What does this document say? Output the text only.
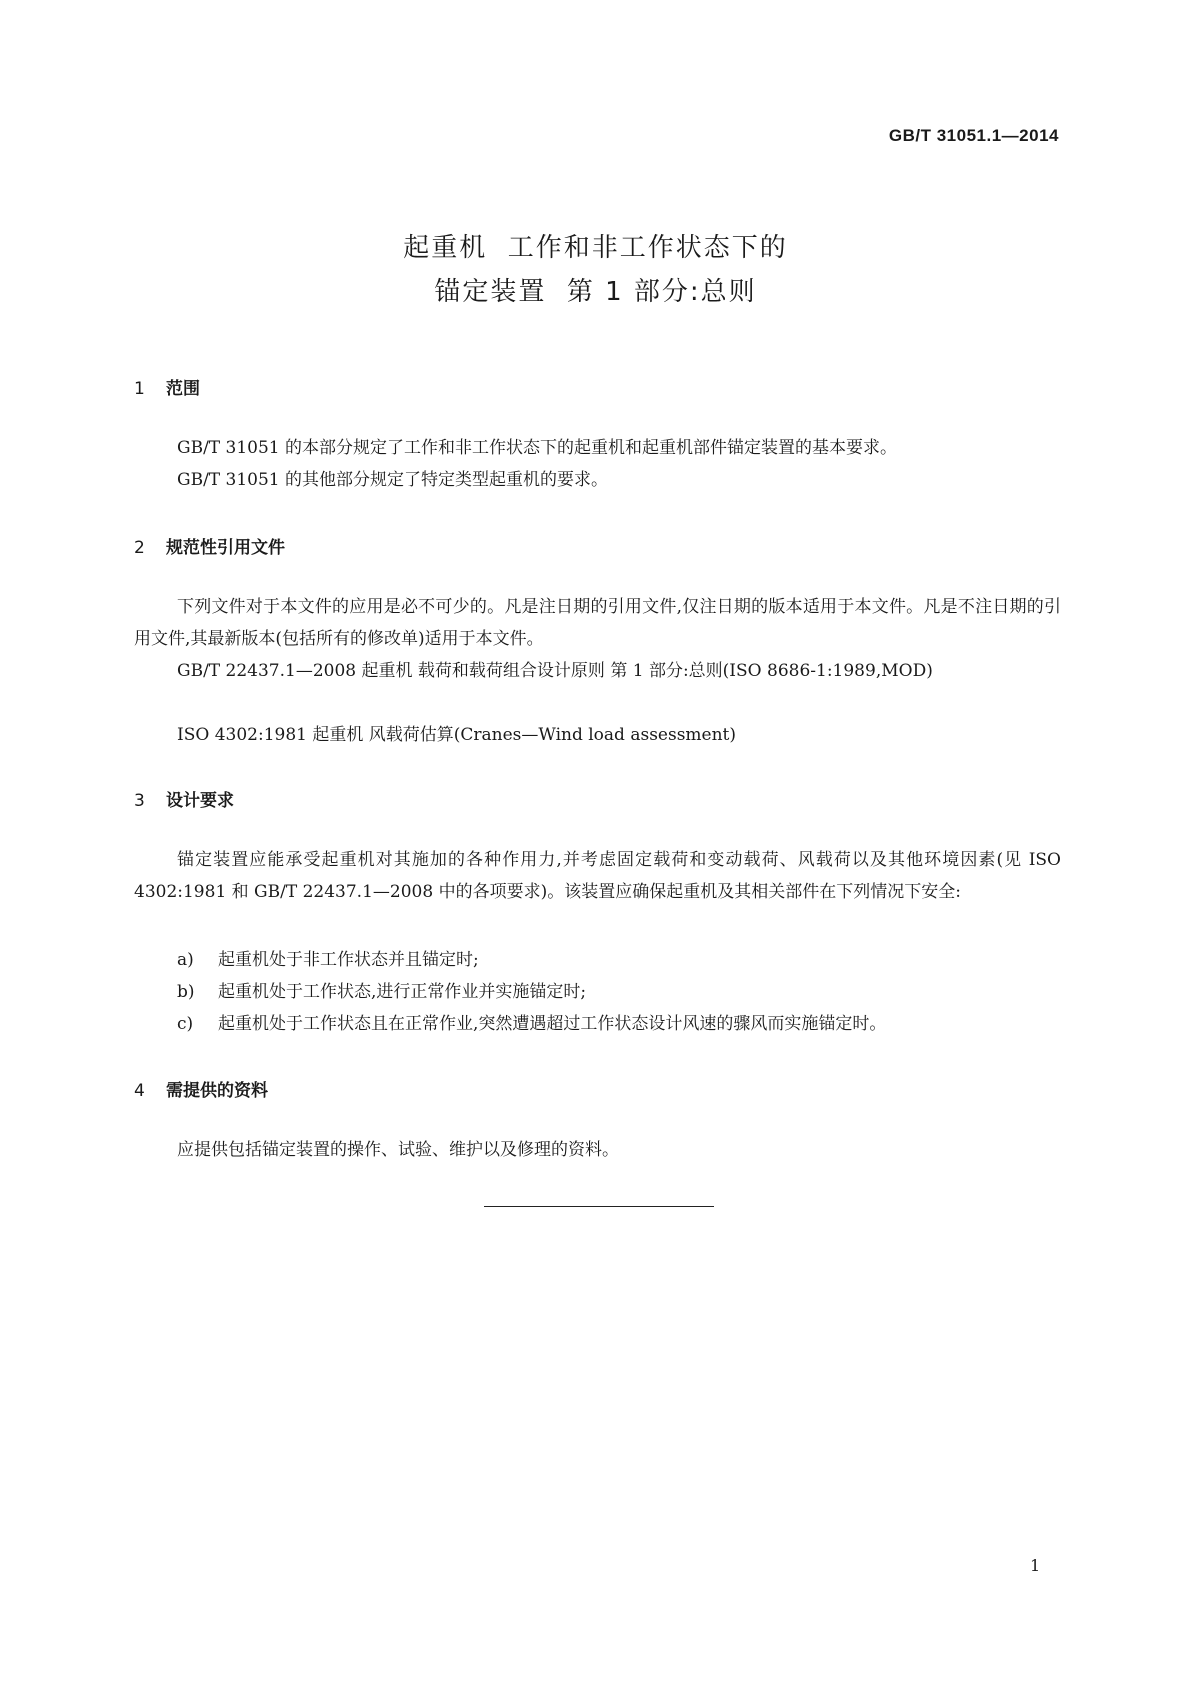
GB/T 31051.1—2014
起重机  工作和非工作状态下的
锚定装置  第 1 部分:总则
1 范围
GB/T 31051 的本部分规定了工作和非工作状态下的起重机和起重机部件锚定装置的基本要求。
GB/T 31051 的其他部分规定了特定类型起重机的要求。
2 规范性引用文件
下列文件对于本文件的应用是必不可少的。凡是注日期的引用文件,仅注日期的版本适用于本文件。凡是不注日期的引用文件,其最新版本(包括所有的修改单)适用于本文件。
GB/T 22437.1—2008 起重机 载荷和载荷组合设计原则 第 1 部分:总则(ISO 8686-1:1989,MOD)
ISO 4302:1981 起重机 风载荷估算(Cranes—Wind load assessment)
3 设计要求
锚定装置应能承受起重机对其施加的各种作用力,并考虑固定载荷和变动载荷、风载荷以及其他环境因素(见 ISO 4302:1981 和 GB/T 22437.1—2008 中的各项要求)。该装置应确保起重机及其相关部件在下列情况下安全:
a) 起重机处于非工作状态并且锚定时;
b) 起重机处于工作状态,进行正常作业并实施锚定时;
c) 起重机处于工作状态且在正常作业,突然遭遇超过工作状态设计风速的骤风而实施锚定时。
4 需提供的资料
应提供包括锚定装置的操作、试验、维护以及修理的资料。
1
